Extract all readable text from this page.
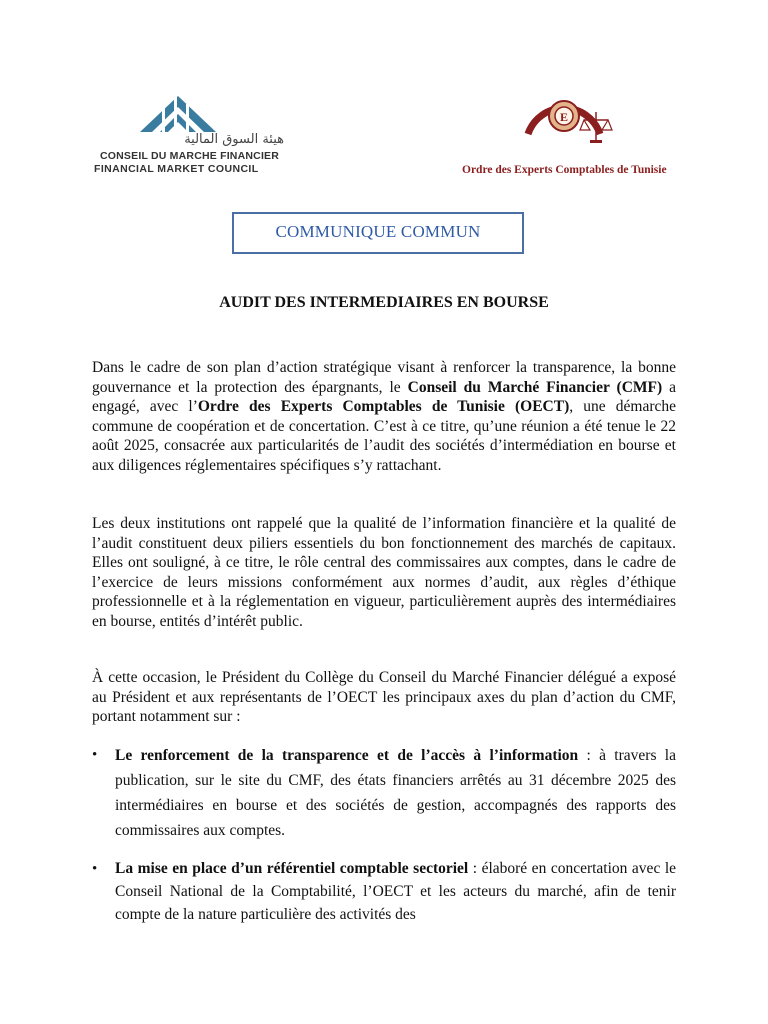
هيئة السوق المالية
CONSEIL DU MARCHE FINANCIER
FINANCIAL MARKET COUNCIL
E
Ordre des Experts Comptables de Tunisie
COMMUNIQUE COMMUN
AUDIT DES INTERMEDIAIRES EN BOURSE

Dans le cadre de son plan d’action stratégique visant à renforcer la transparence, la bonne gouvernance et la protection des épargnants, le Conseil du Marché Financier (CMF) a engagé, avec l’Ordre des Experts Comptables de Tunisie (OECT), une démarche commune de coopération et de concertation. C’est à ce titre, qu’une réunion a été tenue le 22 août 2025, consacrée aux particularités de l’audit des sociétés d’intermédiation en bourse et aux diligences réglementaires spécifiques s’y rattachant.

Les deux institutions ont rappelé que la qualité de l’information financière et la qualité de l’audit constituent deux piliers essentiels du bon fonctionnement des marchés de capitaux. Elles ont souligné, à ce titre, le rôle central des commissaires aux comptes, dans le cadre de l’exercice de leurs missions conformément aux normes d’audit, aux règles d’éthique professionnelle et à la réglementation en vigueur, particulièrement auprès des intermédiaires en bourse, entités d’intérêt public.

À cette occasion, le Président du Collège du Conseil du Marché Financier délégué a exposé au Président et aux représentants de l’OECT les principaux axes du plan d’action du CMF, portant notamment sur :

• Le renforcement de la transparence et de l’accès à l’information : à travers la publication, sur le site du CMF, des états financiers arrêtés au 31 décembre 2025 des intermédiaires en bourse et des sociétés de gestion, accompagnés des rapports des commissaires aux comptes.

• La mise en place d’un référentiel comptable sectoriel : élaboré en concertation avec le Conseil National de la Comptabilité, l’OECT et les acteurs du marché, afin de tenir compte de la nature particulière des activités des
